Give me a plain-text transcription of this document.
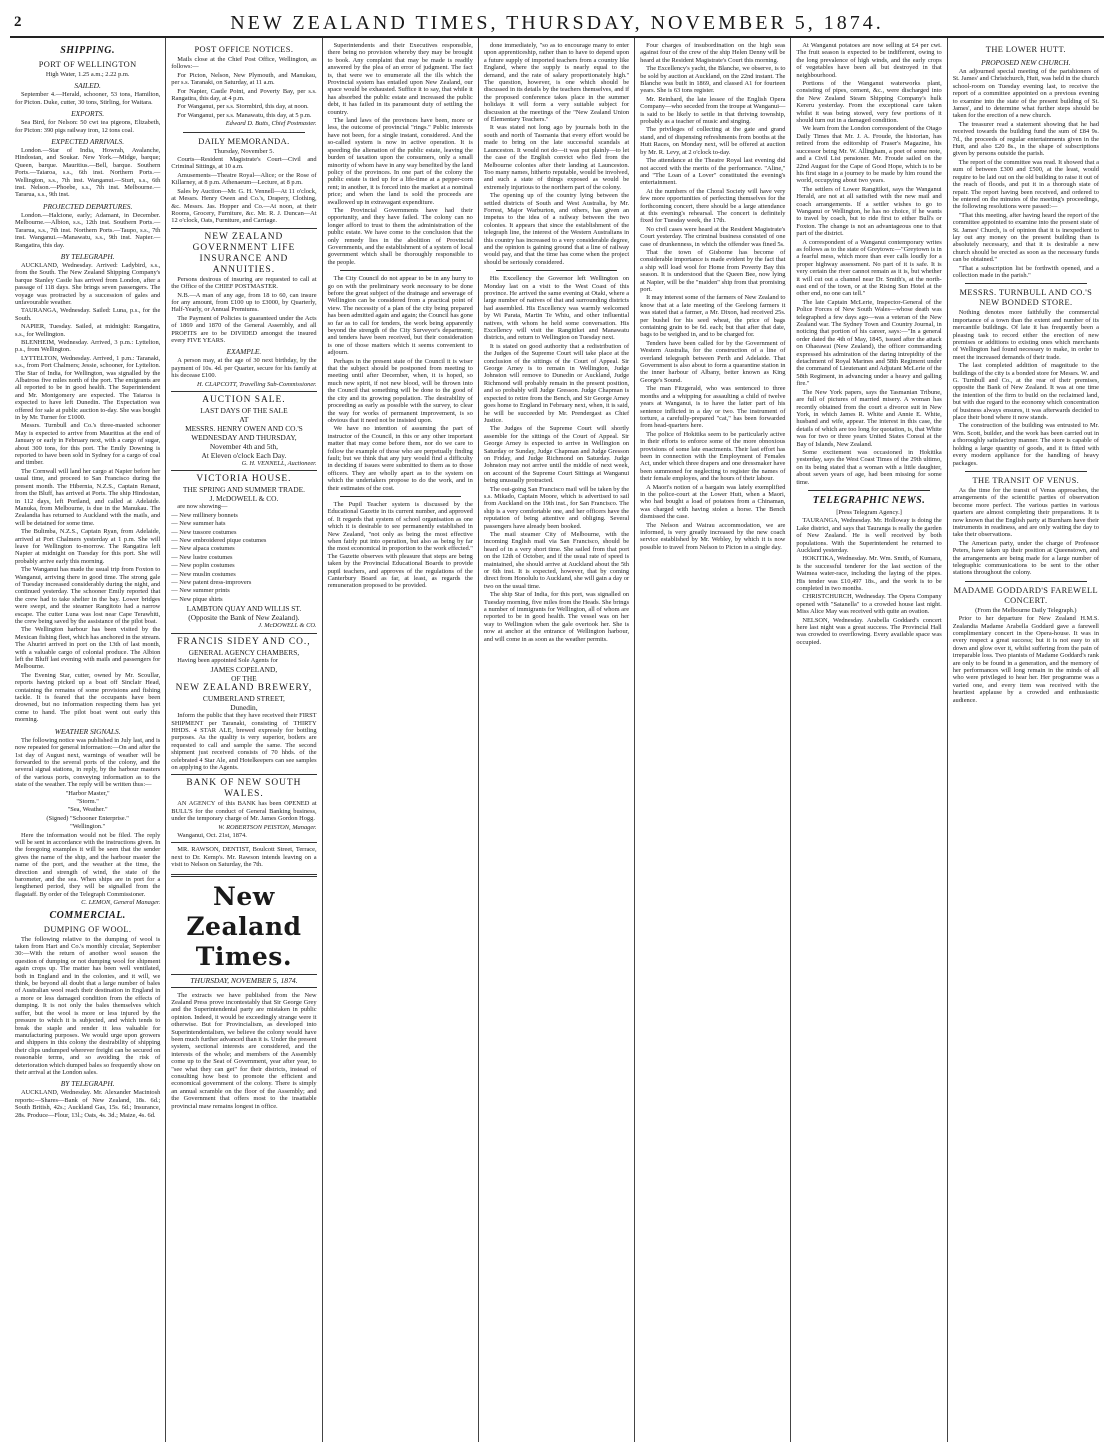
2	NEW ZEALAND TIMES, THURSDAY, NOVEMBER 5, 1874.
SHIPPING.
PORT OF WELLINGTON

High Water, 1.25 a.m.; 2.22 p.m.

SAILED.

September 4.—Herald, schooner, 53 tons, Hamilton, for Picton. Duke, cutter, 30 tons, Stirling, for Waitara.

EXPORTS.

Sea Bird, for Nelson: 50 cwt tea pigeons, Elizabeth, for Picton: 390 pigs railway iron, 12 tons coal.

EXPECTED ARRIVALS.

London.—Star of India, Howrah, Avalanche, Hindostan, and Soukar. New York.—Midge, barque; Queen, barque. Mauritius.—Bell, barque. Southern Ports.—Taiaroa, s.s., 6th inst. Northern Ports.—Wellington, s.s., 7th inst. Wanganui.—Sturt, s.s., 6th inst. Nelson.—Phoebe, s.s., 7th inst. Melbourne.—Tararua, s.s., 9th inst.

PROJECTED DEPARTURES.

London.—Halcione, early; Adamant, in December. Melbourne.—Albion, s.s., 12th inst. Southern Ports.—Tararua, s.s., 7th inst. Northern Ports.—Taupo, s.s., 7th inst. Wanganui.—Manawatu, s.s., 9th inst. Napier.—Rangatira, this day.

BY TELEGRAPH.

AUCKLAND, Wednesday. Arrived: Ladybird, s.s., from the South. The New Zealand Shipping Company's barque Stanley Castle has arrived from London, after a passage of 118 days. She brings seven passengers. The voyage was protracted by a succession of gales and unfavourable weather.

TAURANGA, Wednesday. Sailed: Luna, p.s., for the South.

NAPIER, Tuesday. Sailed, at midnight: Rangatira, s.s., for Wellington.

BLENHEIM, Wednesday. Arrived, 3 p.m.: Lyttelton, p.s., from Wellington.

LYTTELTON, Wednesday. Arrived, 1 p.m.: Taranaki, s.s., from Port Chalmers; Jessie, schooner, for Lyttelton. The Star of India, for Wellington, was signalled by the Albatross five miles north of the port. The emigrants are all reported to be in good health. The Superintendent and Mr. Montgomery are expected. The Taiaroa is expected to have left Dunedin. The Expectation was offered for sale at public auction to-day. She was bought in by Mr. Turner for £1000.

Messrs. Turnbull and Co.'s three-masted schooner May is expected to arrive from Mauritius at the end of January or early in February next, with a cargo of sugar, about 300 tons, for this port. The Emily Downing is reported to have been sold in Sydney for a cargo of coal and timber.

The Cornwall will land her cargo at Napier before her usual time, and proceed to San Francisco during the present month. The Hibernia, N.Z.S., Captain Renaut, from the Bluff, has arrived at Ports. The ship Hindostan, in 112 days, left Portland, and called at Adelaide. Manuka, from Melbourne, is due in the Manukau. The Zealandia has returned to Auckland with the mails, and will be detained for some time.

The Bulimba, N.Z.S., Captain Ryan, from Adelaide, arrived at Port Chalmers yesterday at 1 p.m. She will leave for Wellington to-morrow. The Rangatira left Napier at midnight on Tuesday for this port. She will probably arrive early this morning.

The Wanganui has made the usual trip from Foxton to Wanganui, arriving there in good time. The strong gale of Tuesday increased considerably during the night, and continued yesterday. The schooner Emily reported that the crew had to take shelter in the bay. Lower bridges were swept, and the steamer Rangitoto had a narrow escape. The cutter Luna was lost near Cape Terawhiti, the crew being saved by the assistance of the pilot boat.

The Wellington harbour has been visited by the Mexican fishing fleet, which has anchored in the stream. The Ahuriri arrived in port on the 13th of last month, with a valuable cargo of colonial produce. The Albion left the Bluff last evening with mails and passengers for Melbourne.

The Evening Star, cutter, owned by Mr. Scoullar, reports having picked up a boat off Sinclair Head, containing the remains of some provisions and fishing tackle. It is feared that the occupants have been drowned, but no information respecting them has yet come to hand. The pilot boat went out early this morning.

WEATHER SIGNALS.

The following notice was published in July last, and is now repeated for general information:—On and after the 1st day of August next, warnings of weather will be forwarded to the several ports of the colony, and the several signal stations, in reply, by the harbour masters of the various ports, conveying information as to the state of the weather. The reply will be written thus:—

"Harbor Master,"

"Storm."

"Sea, Weather."

(Signed) "Schooner Enterprise."

"Wellington."

Here the information would not be filed. The reply will be sent in accordance with the instructions given. In the foregoing examples it will be seen that the sender gives the name of the ship, and the harbour master the name of the port, and the weather at the time, the direction and strength of wind, the state of the barometer, and the sea. When ships are in port for a lengthened period, they will be signalled from the flagstaff. By order of the Telegraph Commissioner.

C. LEMON, General Manager.

COMMERCIAL.
DUMPING OF WOOL.

The following relative to the dumping of wool is taken from Hart and Co.'s monthly circular, September 30:—With the return of another wool season the question of dumping or not dumping wool for shipment again crops up. The matter has been well ventilated, both in England and in the colonies, and it will, we think, be beyond all doubt that a large number of bales of Australian wool reach their destination in England in a more or less damaged condition from the effects of dumping. It is not only the bales themselves which suffer, but the wool is more or less injured by the pressure to which it is subjected, and which tends to break the staple and render it less valuable for manufacturing purposes. We would urge upon growers and shippers in this colony the desirability of shipping their clips undumped wherever freight can be secured on reasonable terms, and so avoiding the risk of deterioration which dumped bales so frequently show on their arrival at the London sales.

BY TELEGRAPH.

AUCKLAND, Wednesday. Mr. Alexander Macintosh reports:—Shares—Bank of New Zealand, 18s. 6d.; South British, 42s.; Auckland Gas, 15s. 6d.; Insurance, 28s. Produce—Flour, 13l.; Oats, 4s. 3d.; Maize, 4s. 6d.

POST OFFICE NOTICES.

Mails close at the Chief Post Office, Wellington, as follows:—

For Picton, Nelson, New Plymouth, and Manukau, per s.s. Taranaki, on Saturday, at 11 a.m.

For Napier, Castle Point, and Poverty Bay, per s.s. Rangatira, this day, at 4 p.m.

For Wanganui, per s.s. Stormbird, this day, at noon.

For Wanganui, per s.s. Manawatu, this day, at 5 p.m.

Edward D. Butts, Chief Postmaster.

DAILY MEMORANDA.

Thursday, November 5.

Courts—Resident Magistrate's Court—Civil and Criminal Sittings, at 10 a.m.

Amusements—Theatre Royal—Alice; or the Rose of Killarney, at 8 p.m. Athenaeum—Lecture, at 8 p.m.

Sales by Auction—Mr. G. H. Vennell—At 11 o'clock, at Messrs. Henry Owen and Co.'s, Drapery, Clothing, &c. Messrs. Jas. Hopper and Co.—At noon, at their Rooms, Grocery, Furniture, &c. Mr. R. J. Duncan—At 12 o'clock, Oats, Furniture, and Carriage.

NEW ZEALAND GOVERNMENT LIFE INSURANCE AND ANNUITIES.

Persons desirous of insuring are requested to call at the Office of the CHIEF POSTMASTER.

N.B.—A man of any age, from 18 to 60, can insure for any amount, from £100 up to £3000, by Quarterly, Half-Yearly, or Annual Premiums.

The Payment of Policies is guaranteed under the Acts of 1869 and 1870 of the General Assembly, and all PROFITS are to be DIVIDED amongst the insured every FIVE YEARS.

EXAMPLE.

A person may, at the age of 30 next birthday, by the payment of 10s. 4d. per Quarter, secure for his family at his decease £100.

H. CLAPCOTT, Travelling Sub-Commissioner.

AUCTION SALE.
LAST DAYS OF THE SALE
AT
MESSRS. HENRY OWEN AND CO.'S
WEDNESDAY AND THURSDAY,
November 4th and 5th,
At Eleven o'clock Each Day.

G. H. VENNELL, Auctioneer.

VICTORIA HOUSE.
THE SPRING AND SUMMER TRADE.
J. McDOWELL & CO.

are now showing—

— New millinery bonnets

— New summer hats

— New tussore costumes

— New embroidered pique costumes

— New alpaca costumes

— New lustre costumes

— New poplin costumes

— New muslin costumes

— New patent dress-improvers

— New summer prints

— New pique shirts

LAMBTON QUAY AND WILLIS ST.
(Opposite the Bank of New Zealand).

J. McDOWELL & CO.

FRANCIS SIDEY AND CO.,
GENERAL AGENCY CHAMBERS,

Having been appointed Sole Agents for

JAMES COPELAND,
OF THE
NEW ZEALAND BREWERY,
CUMBERLAND STREET,
Dunedin,

Inform the public that they have received their FIRST SHIPMENT per Taranaki, consisting of THIRTY HHDS. 4 STAR ALE, brewed expressly for bottling purposes. As the quality is very superior, botlers are requested to call and sample the same. The second shipment just received consists of 70 hhds. of the celebrated 4 Star Ale, and Hotelkeepers can see samples on applying to the Agents.

BANK OF NEW SOUTH WALES.

AN AGENCY of this BANK has been OPENED at BULL'S for the conduct of General Banking business, under the temporary charge of Mr. James Gordon Hogg.

W. ROBERTSON PEISTON, Manager.

Wanganui, Oct. 21st, 1874.

MR. RAWSON, DENTIST, Boulcott Street, Terrace, next to Dr. Kemp's. Mr. Rawson intends leaving on a visit to Nelson on Saturday, the 7th.

New Zealand Times.
THURSDAY, NOVEMBER 5, 1874.

The extracts we have published from the New Zealand Press prove incontestably that Sir George Grey and the Superintendental party are mistaken in public opinion. Indeed, it would be exceedingly strange were it otherwise. But for Provincialism, as developed into Superintendentalism, we believe the colony would have been much further advanced than it is. Under the present system, sectional interests are considered, and the interests of the whole; and members of the Assembly come up to the Seat of Government, year after year, to "see what they can get" for their districts, instead of consulting how best to promote the efficient and economical government of the colony. There is simply an annual scramble on the floor of the Assembly; and the Government that offers most to the insatiable provincial maw remains longest in office.

Superintendents and their Executives responsible, there being no provision whereby they may be brought to book. Any complaint that may be made is readily answered by the plea of an error of judgment. The fact is, that were we to enumerate all the ills which the Provincial system has entailed upon New Zealand, our space would be exhausted. Suffice it to say, that while it has absorbed the public estate and increased the public debt, it has failed in its paramount duty of settling the country.

The land laws of the provinces have been, more or less, the outcome of provincial "rings." Public interests have not been, for a single instant, considered. And the so-called system is now in active operation. It is speeding the alienation of the public estate, leaving the burden of taxation upon the consumers, only a small minority of whom have in any way benefited by the land policy of the provinces. In one part of the colony the public estate is tied up for a life-time at a pepper-corn rent; in another, it is forced into the market at a nominal price; and when the land is sold the proceeds are swallowed up in extravagant expenditure.

The Provincial Governments have had their opportunity, and they have failed. The colony can no longer afford to trust to them the administration of the public estate. We have come to the conclusion that the only remedy lies in the abolition of Provincial Governments, and the establishment of a system of local government which shall be thoroughly responsible to the people.

The City Council do not appear to be in any hurry to go on with the preliminary work necessary to be done before the great subject of the drainage and sewerage of Wellington can be considered from a practical point of view. The necessity of a plan of the city being prepared has been admitted again and again; the Council has gone so far as to call for tenders, the work being apparently beyond the strength of the City Surveyor's department; and tenders have been received, but their consideration is one of those matters which it seems convenient to adjourn.

Perhaps in the present state of the Council it is wiser that the subject should be postponed from meeting to meeting until after December, when, it is hoped, so much new spirit, if not new blood, will be thrown into the Council that something will be done to the good of the city and its growing population. The desirability of proceeding as early as possible with the survey, to clear the way for works of permanent improvement, is so obvious that it need not be insisted upon.

We have no intention of assuming the part of instructor of the Council, in this or any other important matter that may come before them, nor do we care to follow the example of those who are perpetually finding fault; but we think that any jury would find a difficulty in deciding if issues were submitted to them as to those officers. They are wholly apart as to the system on which the undertakers propose to do the work, and in their estimates of the cost.

The Pupil Teacher system is discussed by the Educational Gazette in its current number, and approved of. It regards that system of school organisation as one which it is desirable to see permanently established in New Zealand, "not only as being the most effective when fairly put into operation, but also as being by far the most economical in proportion to the work effected." The Gazette observes with pleasure that steps are being taken by the Provincial Educational Boards to provide pupil teachers, and approves of the regulations of the Canterbury Board as far, at least, as regards the remuneration proposed to be provided.

done immediately, "so as to encourage many to enter upon apprenticeship, rather than to have to depend upon a future supply of imported teachers from a country like England, where the supply is nearly equal to the demand, and the rate of salary proportionately high." The question, however, is one which should be discussed in its details by the teachers themselves, and if the proposed conference takes place in the summer holidays it will form a very suitable subject for discussion at the meetings of the "New Zealand Union of Elementary Teachers."

It was stated not long ago by journals both in the south and north of Tasmania that every effort would be made to bring on the late successful scandals at Launceston. It would not do—it was put plainly—to let the case of the English convict who fled from the Melbourne colonies after their landing at Launceston. Too many names, hitherto reputable, would be involved, and such a state of things exposed as would be extremely injurious to the northern part of the colony.

The opening up of the country lying between the settled districts of South and West Australia, by Mr. Forrest, Major Warburton, and others, has given an impetus to the idea of a railway between the two colonies. It appears that since the establishment of the telegraph line, the interest of the Western Australians in this country has increased to a very considerable degree, and the opinion is gaining ground that a line of railway would pay, and that the time has come when the project should be seriously considered.

His Excellency the Governor left Wellington on Monday last on a visit to the West Coast of this province. He arrived the same evening at Otaki, where a large number of natives of that and surrounding districts had assembled. His Excellency was warmly welcomed by Wi Parata, Martin Te Whiu, and other influential natives, with whom he held some conversation. His Excellency will visit the Rangitikei and Manawatu districts, and return to Wellington on Tuesday next.

It is stated on good authority that a redistribution of the Judges of the Supreme Court will take place at the conclusion of the sittings of the Court of Appeal. Sir George Arney is to remain in Wellington, Judge Johnston will remove to Dunedin or Auckland, Judge Richmond will probably remain in the present position, and so probably will Judge Gresson. Judge Chapman is expected to retire from the Bench, and Sir George Arney goes home to England in February next, when, it is said, he will be succeeded by Mr. Prendergast as Chief Justice.

The Judges of the Supreme Court will shortly assemble for the sittings of the Court of Appeal. Sir George Arney is expected to arrive in Wellington on Saturday or Sunday, Judge Chapman and Judge Gresson on Friday, and Judge Richmond on Saturday. Judge Johnston may not arrive until the middle of next week, on account of the Supreme Court Sittings at Wanganui being unusually protracted.

The out-going San Francisco mail will be taken by the s.s. Mikado, Captain Moore, which is advertised to sail from Auckland on the 19th inst., for San Francisco. The ship is a very comfortable one, and her officers have the reputation of being attentive and obliging. Several passengers have already been booked.

The mail steamer City of Melbourne, with the incoming English mail via San Francisco, should be heard of in a very short time. She sailed from that port on the 12th of October, and if the usual rate of speed is maintained, she should arrive at Auckland about the 5th or 6th inst. It is expected, however, that by coming direct from Honolulu to Auckland, she will gain a day or two on the usual time.

The ship Star of India, for this port, was signalled on Tuesday morning, five miles from the Heads. She brings a number of immigrants for Wellington, all of whom are reported to be in good health. The vessel was on her way to Wellington when the gale overtook her. She is now at anchor at the entrance of Wellington harbour, and will come in as soon as the weather permits.

Four charges of insubordination on the high seas against four of the crew of the ship Helen Denny will be heard at the Resident Magistrate's Court this morning.

The Excellency's yacht, the Blanche, we observe, is to be sold by auction at Auckland, on the 22nd instant. The Blanche was built in 1869, and classed A1 for fourteen years. She is 63 tons register.

Mr. Reinhard, the late lessee of the English Opera Company—who seceded from the troupe at Wanganui—is said to be likely to settle in that thriving township, probably as a teacher of music and singing.

The privileges of collecting at the gate and grand stand, and of dispensing refreshments from booths at the Hutt Races, on Monday next, will be offered at auction by Mr. R. Levy, at 2 o'clock to-day.

The attendance at the Theatre Royal last evening did not accord with the merits of the performance. "Aline," and "The Loan of a Lover" constituted the evening's entertainment.

At the numbers of the Choral Society will have very few more opportunities of perfecting themselves for the forthcoming concert, there should be a large attendance at this evening's rehearsal. The concert is definitely fixed for Tuesday week, the 17th.

No civil cases were heard at the Resident Magistrate's Court yesterday. The criminal business consisted of one case of drunkenness, in which the offender was fined 5s.

That the town of Gisborne has become of considerable importance is made evident by the fact that a ship will load wool for Home from Poverty Bay this season. It is understood that the Queen Bee, now lying at Napier, will be the "maiden" ship from that promising port.

It may interest some of the farmers of New Zealand to know that at a late meeting of the Geelong farmers it was stated that a farmer, a Mr. Dixon, had received 25s. per bushel for his seed wheat, the price of bags containing grain to be 6d. each; but that after that date, bags to be weighed in, and to be charged for.

Tenders have been called for by the Government of Western Australia, for the construction of a line of overland telegraph between Perth and Adelaide. That Government is also about to form a quarantine station in the inner harbour of Albany, better known as King George's Sound.

The man Fitzgerald, who was sentenced to three months and a whipping for assaulting a child of twelve years at Wanganui, is to have the latter part of his sentence inflicted in a day or two. The instrument of torture, a carefully-prepared "cat," has been forwarded from head-quarters here.

The police of Hokitika seem to be particularly active in their efforts to enforce some of the more obnoxious provisions of some late enactments. Their last effort has been in connection with the Employment of Females Act, under which three drapers and one dressmaker have been summoned for neglecting to register the names of their female employes, and the hours of their labour.

A Maori's notion of a bargain was lately exemplified in the police-court at the Lower Hutt, when a Maori, who had bought a load of potatoes from a Chinaman, was charged with having stolen a horse. The Bench dismissed the case.

The Nelson and Wairau accommodation, we are informed, is very greatly increased by the new coach service established by Mr. Webley, by which it is now possible to travel from Nelson to Picton in a single day.

At Wanganui potatoes are now selling at £4 per cwt. The fruit season is expected to be indifferent, owing to the long prevalence of high winds, and the early crops of vegetables have been all but destroyed in that neighbourhood.

Portions of the Wanganui waterworks plant, consisting of pipes, cement, &c., were discharged into the New Zealand Steam Shipping Company's hulk Kereru yesterday. From the exceptional care taken whilst it was being stowed, very few portions of it should turn out in a damaged condition.

We learn from the London correspondent of the Otago Daily Times that Mr. J. A. Froude, the historian, has retired from the editorship of Fraser's Magazine, his successor being Mr. W. Allingham, a poet of some note, and a Civil List pensioner. Mr. Froude sailed on the 22nd August for the Cape of Good Hope, which is to be his first stage in a journey to be made by him round the world, occupying about two years.

The settlers of Lower Rangitikei, says the Wanganui Herald, are not at all satisfied with the new mail and coach arrangements. If a settler wishes to go to Wanganui or Wellington, he has no choice, if he wants to travel by coach, but to ride first to either Bull's or Foxton. The change is not an advantageous one to that part of the district.

A correspondent of a Wanganui contemporary writes as follows as to the state of Greytown:—"Greytown is in a fearful mess, which more than ever calls loudly for a proper highway assessment. No part of it is safe. It is very certain the river cannot remain as it is, but whether it will cut out a channel near Dr. Smith's, at the north-east end of the town, or at the Rising Sun Hotel at the other end, no one can tell."

The late Captain McLerie, Inspector-General of the Police Forces of New South Wales—whose death was telegraphed a few days ago—was a veteran of the New Zealand war. The Sydney Town and Country Journal, in noticing that portion of his career, says:—"In a general order dated the 4th of May, 1845, issued after the attack on Ohaeawai (New Zealand), the officer commanding expressed his admiration of the daring intrepidity of the detachment of Royal Marines and 58th Regiment under the command of Lieutenant and Adjutant McLerie of the 58th Regiment, in advancing under a heavy and galling fire."

The New York papers, says the Tasmanian Tribune, are full of pictures of married misery. A woman has recently obtained from the court a divorce suit in New York, in which James R. White and Annie E. White, husband and wife, appear. The interest in this case, the details of which are too long for quotation, is, that White was for two or three years United States Consul at the Bay of Islands, New Zealand.

Some excitement was occasioned in Hokitika yesterday, says the West Coast Times of the 29th ultimo, on its being stated that a woman with a little daughter, about seven years of age, had been missing for some time.

TELEGRAPHIC NEWS.

[Press Telegram Agency.]

TAURANGA, Wednesday. Mr. Holloway is doing the Lake district, and says that Tauranga is really the garden of New Zealand. He is well received by both populations. With the Superintendent he returned to Auckland yesterday.

HOKITIKA, Wednesday. Mr. Wm. Smith, of Kumara, is the successful tenderer for the last section of the Waimea water-race, including the laying of the pipes. His tender was £10,497 18s., and the work is to be completed in two months.

CHRISTCHURCH, Wednesday. The Opera Company opened with "Satanella" to a crowded house last night. Miss Alice May was received with quite an ovation.

NELSON, Wednesday. Arabella Goddard's concert here last night was a great success. The Provincial Hall was crowded to overflowing. Every available space was occupied.

THE LOWER HUTT.
PROPOSED NEW CHURCH.

An adjourned special meeting of the parishioners of St. James' and Christchurch, Hutt, was held in the church school-room on Tuesday evening last, to receive the report of a committee appointed on a previous evening to examine into the state of the present building of St. James', and to determine what further steps should be taken for the erection of a new church.

The treasurer read a statement showing that he had received towards the building fund the sum of £84 9s. 7d., the proceeds of regular entertainments given in the Hutt, and also £20 8s., in the shape of subscriptions given by persons outside the parish.

The report of the committee was read. It showed that a sum of between £300 and £500, at the least, would require to be laid out on the old building to raise it out of the reach of floods, and put it in a thorough state of repair. The report having been received, and ordered to be entered on the minutes of the meeting's proceedings, the following resolutions were passed:—

"That this meeting, after having heard the report of the committee appointed to examine into the present state of St. James' Church, is of opinion that it is inexpedient to lay out any money on the present building than is absolutely necessary, and that it is desirable a new church should be erected as soon as the necessary funds can be obtained."

"That a subscription list be forthwith opened, and a collection made in the parish."

MESSRS. TURNBULL AND CO.'S NEW BONDED STORE.

Nothing denotes more faithfully the commercial importance of a town than the extent and number of its mercantile buildings. Of late it has frequently been a pleasing task to record either the erection of new premises or additions to existing ones which merchants of Wellington had found necessary to make, in order to meet the increased demands of their trade.

The last completed addition of magnitude to the buildings of the city is a bonded store for Messrs. W. and G. Turnbull and Co., at the rear of their premises, opposite the Bank of New Zealand. It was at one time the intention of the firm to build on the reclaimed land, but with due regard to the economy which concentration of business always ensures, it was afterwards decided to place their bond where it now stands.

The construction of the building was entrusted to Mr. Wm. Scott, builder, and the work has been carried out in a thoroughly satisfactory manner. The store is capable of holding a large quantity of goods, and it is fitted with every modern appliance for the handling of heavy packages.

THE TRANSIT OF VENUS.

As the time for the transit of Venus approaches, the arrangements of the scientific parties of observation become more perfect. The various parties in various quarters are almost completing their preparations. It is now known that the English party at Burnham have their instruments in readiness, and are only waiting the day to take their observations.

The American party, under the charge of Professor Peters, have taken up their position at Queenstown, and the arrangements are being made for a large number of telegraphic communications to be sent to the other stations throughout the colony.

MADAME GODDARD'S FAREWELL CONCERT.

(From the Melbourne Daily Telegraph.)

Prior to her departure for New Zealand H.M.S. Zealandia Madame Arabella Goddard gave a farewell complimentary concert in the Opera-house. It was in every respect a great success; but it is not easy to sit down and glow over it, whilst suffering from the pain of irreparable loss. Two pianists of Madame Goddard's rank are only to be found in a generation, and the memory of her performances will long remain in the minds of all who were privileged to hear her. Her programme was a varied one, and every item was received with the heartiest applause by a crowded and enthusiastic audience.
